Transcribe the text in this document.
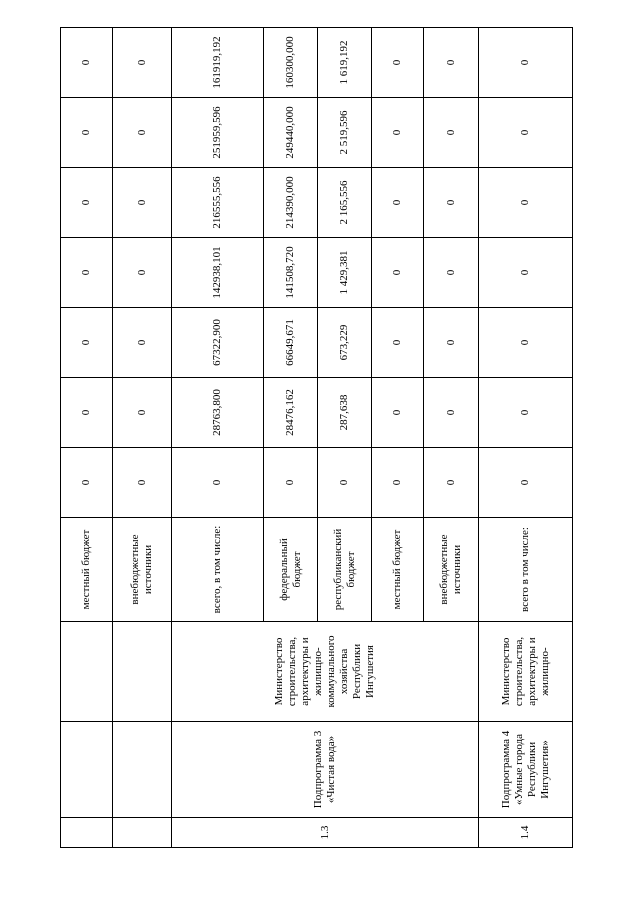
			местный бюджет	0	0	0	0	0	0	0
			внебюджетные источники	0	0	0	0	0	0	0
1.3	Подпрограмма 3 «Чистая вода»	Министерство строительства, архитектуры и жилищно-коммунального хозяйства Республики Ингушетия	всего, в том числе:	0	28763,800	67322,900	142938,101	216555,556	251959,596	161919,192
			федеральный бюджет	0	28476,162	66649,671	141508,720	214390,000	249440,000	160300,000
			республиканский бюджет	0	287,638	673,229	1 429,381	2 165,556	2 519,596	1 619,192
			местный бюджет	0	0	0	0	0	0	0
			внебюджетные источники	0	0	0	0	0	0	0
1.4	Подпрограмма 4 «Умные города Республики Ингушетия»	Министерство строительства, архитектуры и жилищно-	всего в том числе:	0	0	0	0	0	0	0
